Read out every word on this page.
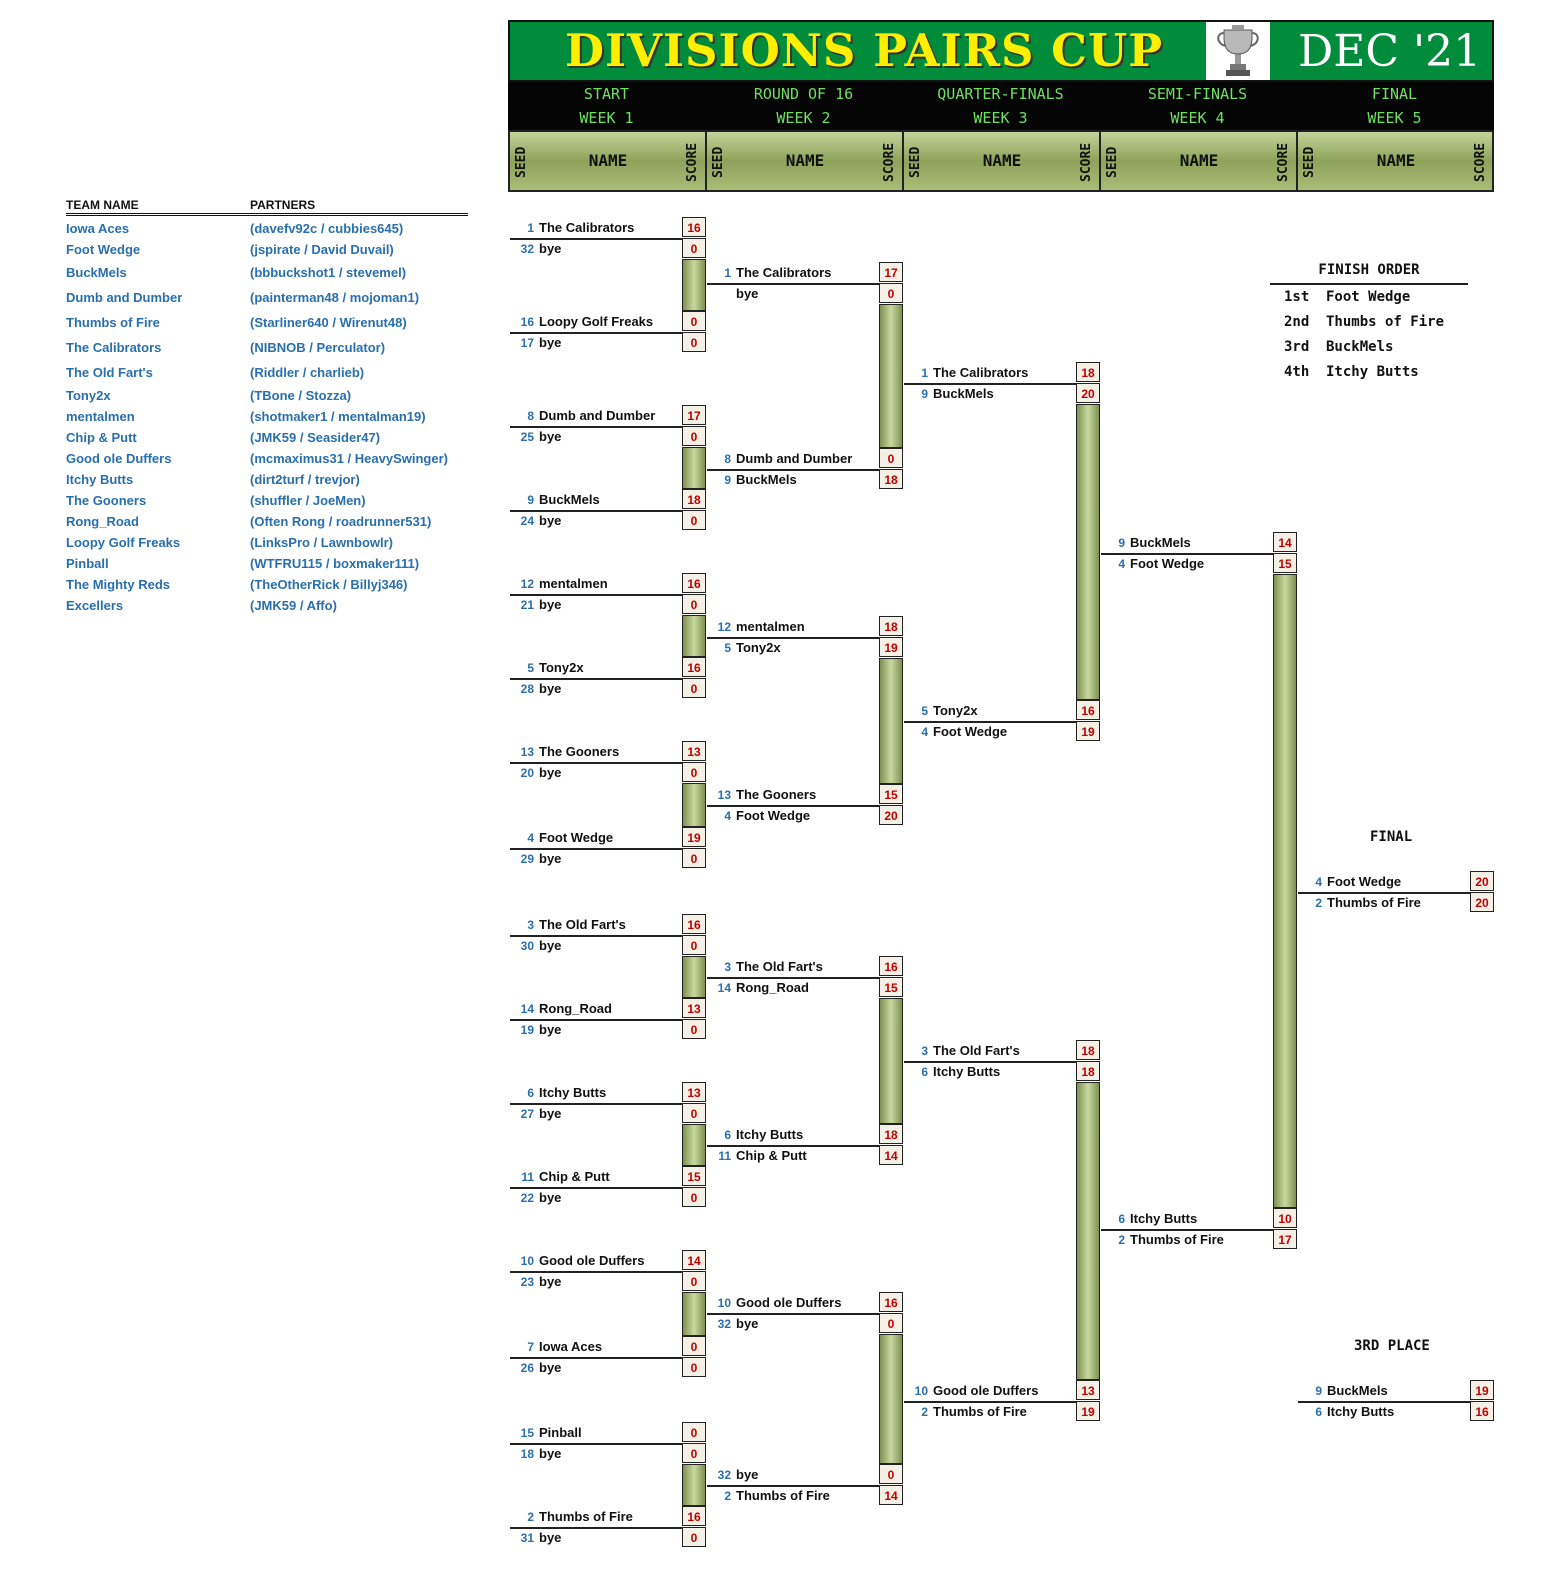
DIVISIONS PAIRS CUP	DEC '21
START
WEEK 1
ROUND OF 16
WEEK 2
QUARTER-FINALS
WEEK 3
SEMI-FINALS
WEEK 4
FINAL
WEEK 5
SEED	NAME	SCORE SEED	NAME	SCORE SEED	NAME	SCORE SEED	NAME	SCORE SEED	NAME	SCORE
TEAM NAME	PARTNERS
Iowa Aces	(davefv92c / cubbies645)
Foot Wedge	(jspirate / David Duvail)
BuckMels	(bbbuckshot1 / stevemel)
Dumb and Dumber	(painterman48 / mojoman1)
Thumbs of Fire	(Starliner640 / Wirenut48)
The Calibrators	(NIBNOB / Perculator)
The Old Fart's	(Riddler / charlieb)
Tony2x	(TBone / Stozza)
mentalmen	(shotmaker1 / mentalman19)
Chip & Putt	(JMK59 / Seasider47)
Good ole Duffers	(mcmaximus31 / HeavySwinger)
Itchy Butts	(dirt2turf / trevjor)
The Gooners	(shuffler / JoeMen)
Rong_Road	(Often Rong / roadrunner531)
Loopy Golf Freaks	(LinksPro / Lawnbowlr)
Pinball	(WTFRU115 / boxmaker111)
The Mighty Reds	(TheOtherRick / Billyj346)
Excellers	(JMK59 / Affo)
1 The Calibrators	16
32 bye	0
16 Loopy Golf Freaks	0
17 bye	0
8 Dumb and Dumber	17
25 bye	0
9 BuckMels	18
24 bye	0
12 mentalmen	16
21 bye	0
5 Tony2x	16
28 bye	0
13 The Gooners	13
20 bye	0
4 Foot Wedge	19
29 bye	0
3 The Old Fart's	16
30 bye	0
14 Rong_Road	13
19 bye	0
6 Itchy Butts	13
27 bye	0
11 Chip & Putt	15
22 bye	0
10 Good ole Duffers	14
23 bye	0
7 Iowa Aces	0
26 bye	0
15 Pinball	0
18 bye	0
2 Thumbs of Fire	16
31 bye	0
1 The Calibrators	17
bye	0
8 Dumb and Dumber	0
9 BuckMels	18
12 mentalmen	18
5 Tony2x	19
13 The Gooners	15
4 Foot Wedge	20
3 The Old Fart's	16
14 Rong_Road	15
6 Itchy Butts	18
11 Chip & Putt	14
10 Good ole Duffers	16
32 bye	0
32 bye	0
2 Thumbs of Fire	14
1 The Calibrators	18
9 BuckMels	20
5 Tony2x	16
4 Foot Wedge	19
3 The Old Fart's	18
6 Itchy Butts	18
10 Good ole Duffers	13
2 Thumbs of Fire	19
9 BuckMels	14
4 Foot Wedge	15
6 Itchy Butts	10
2 Thumbs of Fire	17
4 Foot Wedge	20
2 Thumbs of Fire	20
9 BuckMels	19
6 Itchy Butts	16
FINAL
3RD PLACE
FINISH ORDER
1st Foot Wedge
2nd Thumbs of Fire
3rd BuckMels
4th Itchy Butts
